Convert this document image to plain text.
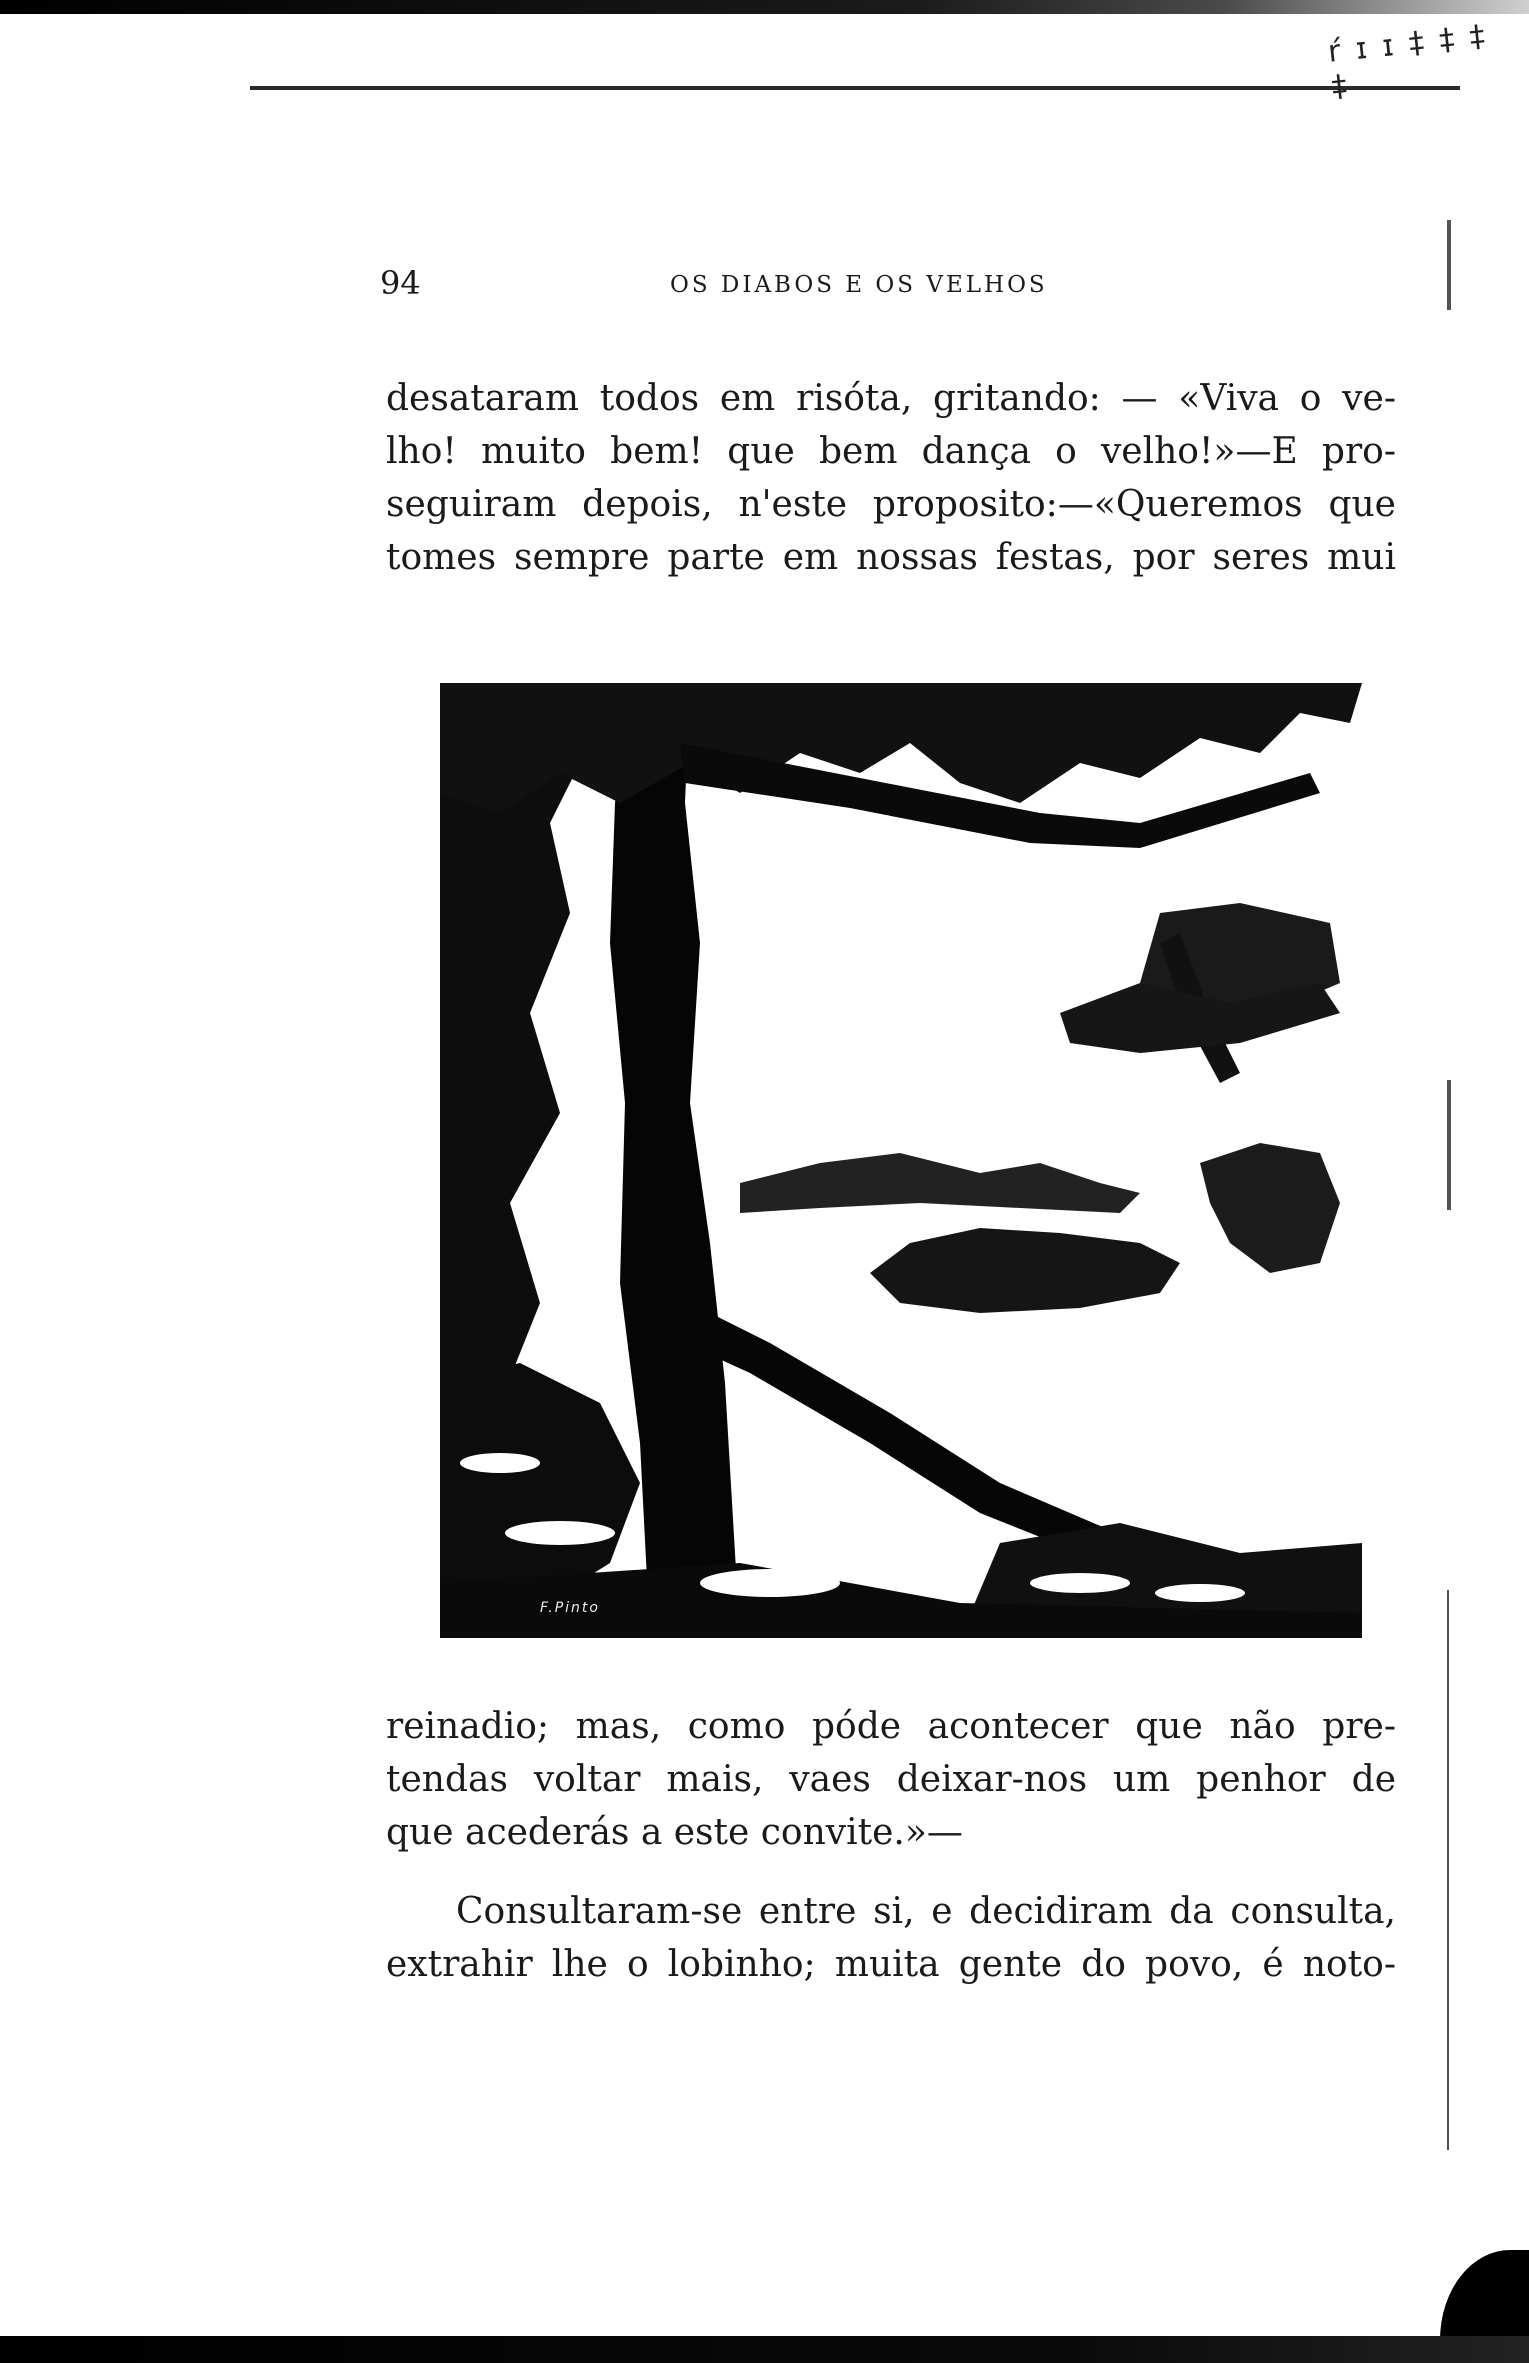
ŕ ɪ ɪ ‡ ‡ ‡ ‡
94	OS DIABOS E OS VELHOS
desataram todos em risóta, gritando: — «Viva o ve-
lho! muito bem! que bem dança o velho!»—E pro-
seguiram depois, n'este proposito:—«Queremos que
tomes sempre parte em nossas festas, por seres mui
F.Pinto
reinadio; mas, como póde acontecer que não pre-
tendas voltar mais, vaes deixar-nos um penhor de
que acederás a este convite.»—
Consultaram-se entre si, e decidiram da consulta,
extrahir lhe o lobinho; muita gente do povo, é noto-
